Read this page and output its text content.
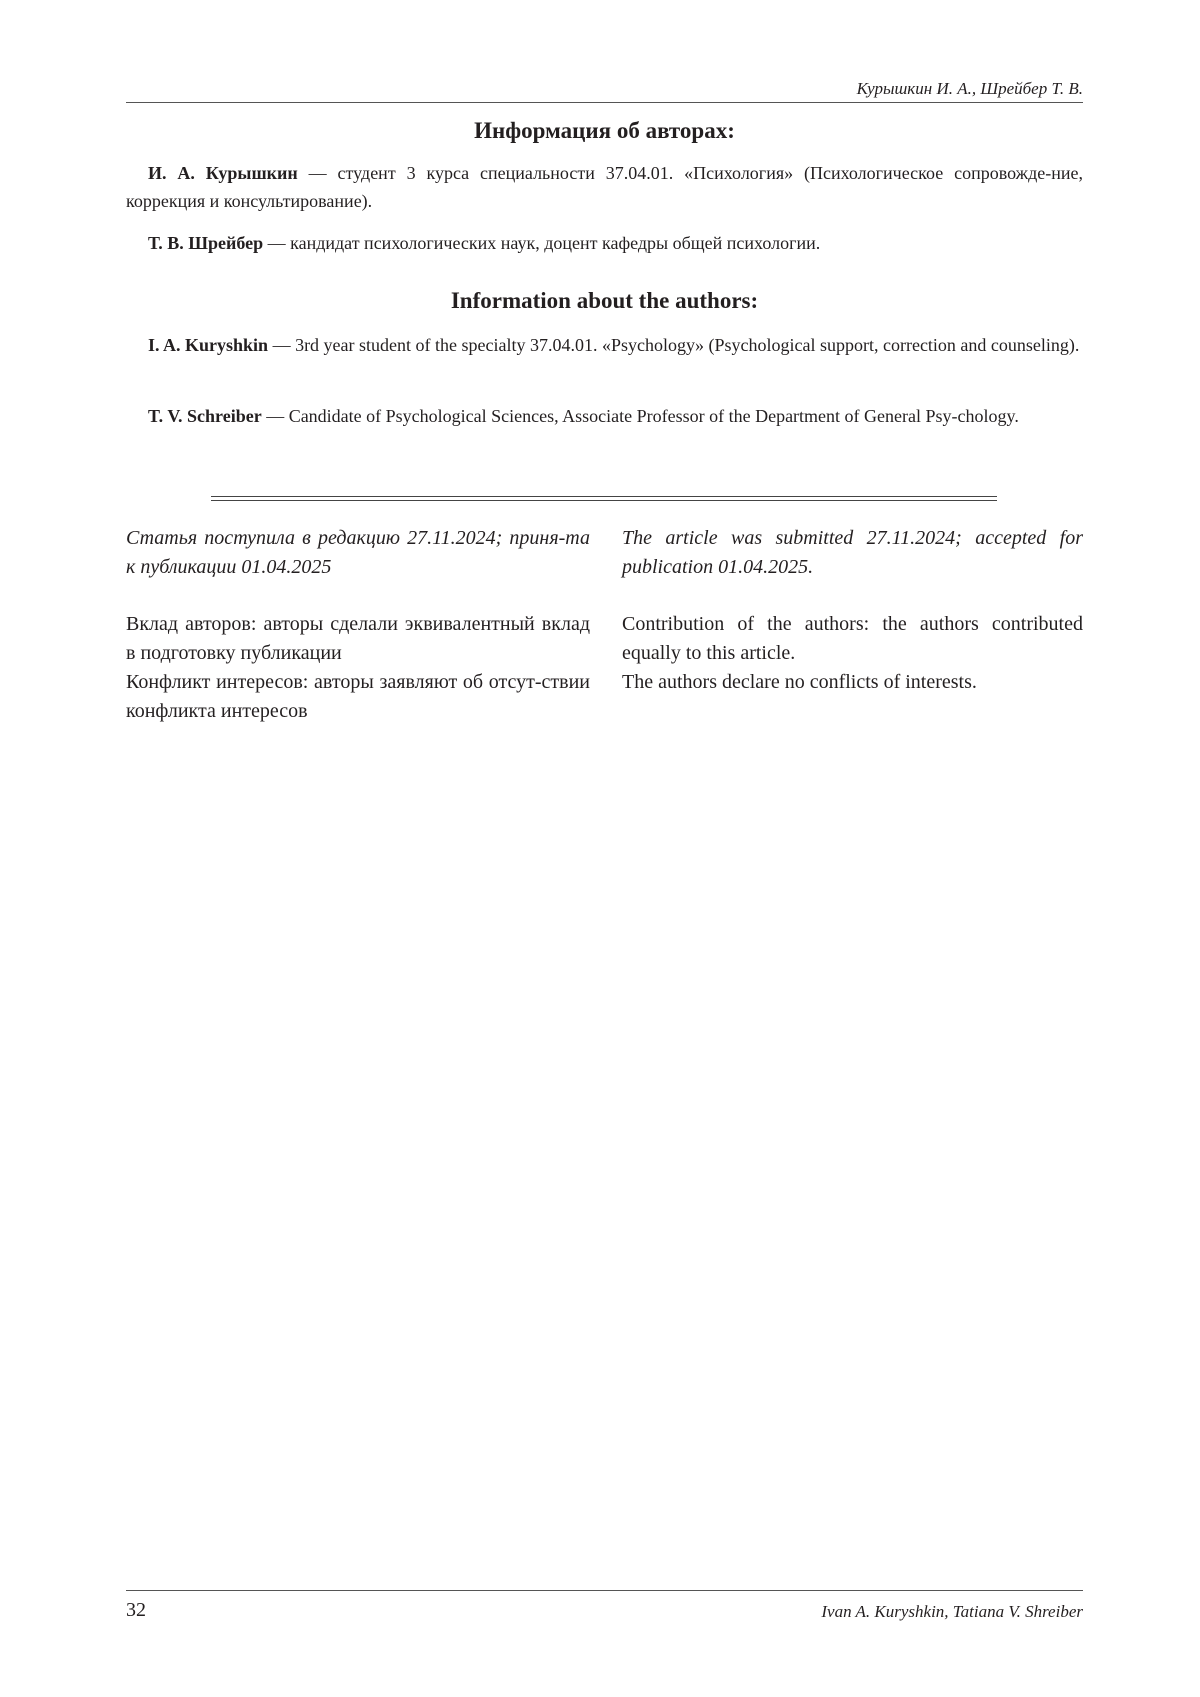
Курышкин И. А., Шрейбер Т. В.
Информация об авторах:

И. А. Курышкин — студент 3 курса специальности 37.04.01. «Психология» (Психологическое сопровожде-ние, коррекция и консультирование).

Т. В. Шрейбер — кандидат психологических наук, доцент кафедры общей психологии.

Information about the authors:

I. A. Kuryshkin — 3rd year student of the specialty 37.04.01. «Psychology» (Psychological support, correction and counseling).

T. V. Schreiber — Candidate of Psychological Sciences, Associate Professor of the Department of General Psy-chology.

Статья поступила в редакцию 27.11.2024; приня-та к публикации 01.04.2025

Вклад авторов: авторы сделали эквивалентный вклад в подготовку публикации

Конфликт интересов: авторы заявляют об отсут-ствии конфликта интересов

The article was submitted 27.11.2024; accepted for publication 01.04.2025.

Contribution of the authors: the authors contributed equally to this article.

The authors declare no conflicts of interests.

32	Ivan A. Kuryshkin, Tatiana V. Shreiber
